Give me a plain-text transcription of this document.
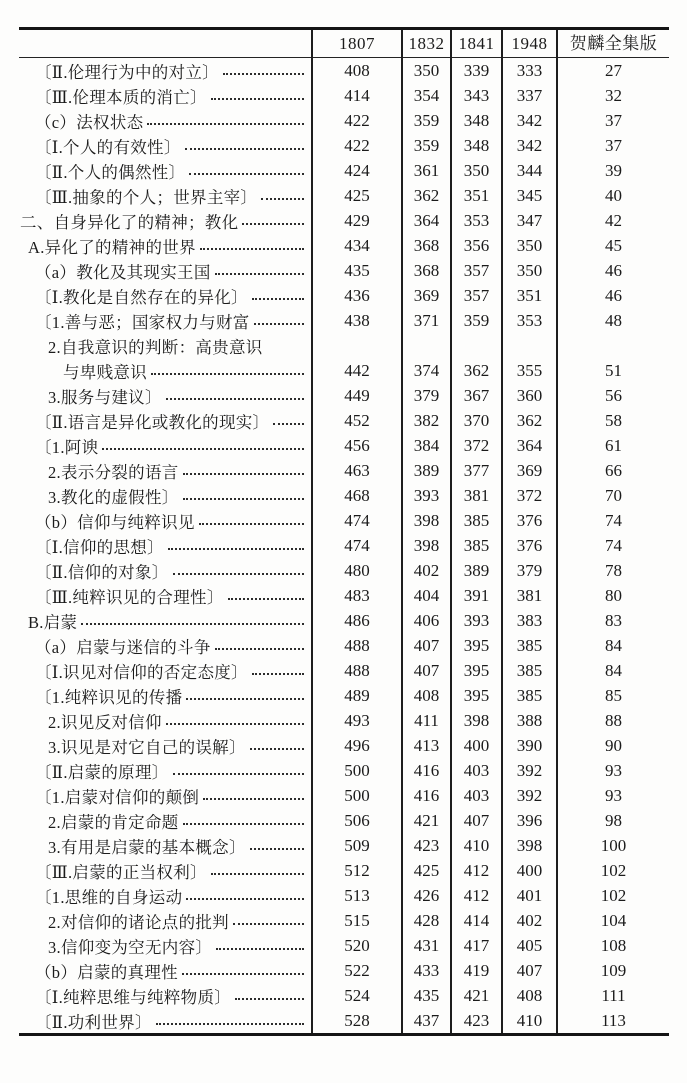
	1807	1832	1841	1948	贺麟全集版

〔Ⅱ.伦理行为中的对立〕	408	350	339	333	27

〔Ⅲ.伦理本质的消亡〕	414	354	343	337	32

（c）法权状态	422	359	348	342	37

〔Ⅰ.个人的有效性〕	422	359	348	342	37

〔Ⅱ.个人的偶然性〕	424	361	350	344	39

〔Ⅲ.抽象的个人；世界主宰〕	425	362	351	345	40

二、自身异化了的精神；教化	429	364	353	347	42

A.异化了的精神的世界	434	368	356	350	45

（a）教化及其现实王国	435	368	357	350	46

〔Ⅰ.教化是自然存在的异化〕	436	369	357	351	46

〔1.善与恶；国家权力与财富	438	371	359	353	48

2.自我意识的判断：高贵意识
与卑贱意识	442	374	362	355	51

3.服务与建议〕	449	379	367	360	56

〔Ⅱ.语言是异化或教化的现实〕	452	382	370	362	58

〔1.阿谀	456	384	372	364	61

2.表示分裂的语言	463	389	377	369	66

3.教化的虚假性〕	468	393	381	372	70

（b）信仰与纯粹识见	474	398	385	376	74

〔Ⅰ.信仰的思想〕	474	398	385	376	74

〔Ⅱ.信仰的对象〕	480	402	389	379	78

〔Ⅲ.纯粹识见的合理性〕	483	404	391	381	80

B.启蒙	486	406	393	383	83

（a）启蒙与迷信的斗争	488	407	395	385	84

〔Ⅰ.识见对信仰的否定态度〕	488	407	395	385	84

〔1.纯粹识见的传播	489	408	395	385	85

2.识见反对信仰	493	411	398	388	88

3.识见是对它自己的误解〕	496	413	400	390	90

〔Ⅱ.启蒙的原理〕	500	416	403	392	93

〔1.启蒙对信仰的颠倒	500	416	403	392	93

2.启蒙的肯定命题	506	421	407	396	98

3.有用是启蒙的基本概念〕	509	423	410	398	100

〔Ⅲ.启蒙的正当权利〕	512	425	412	400	102

〔1.思维的自身运动	513	426	412	401	102

2.对信仰的诸论点的批判	515	428	414	402	104

3.信仰变为空无内容〕	520	431	417	405	108

（b）启蒙的真理性	522	433	419	407	109

〔Ⅰ.纯粹思维与纯粹物质〕	524	435	421	408	111

〔Ⅱ.功利世界〕	528	437	423	410	113
